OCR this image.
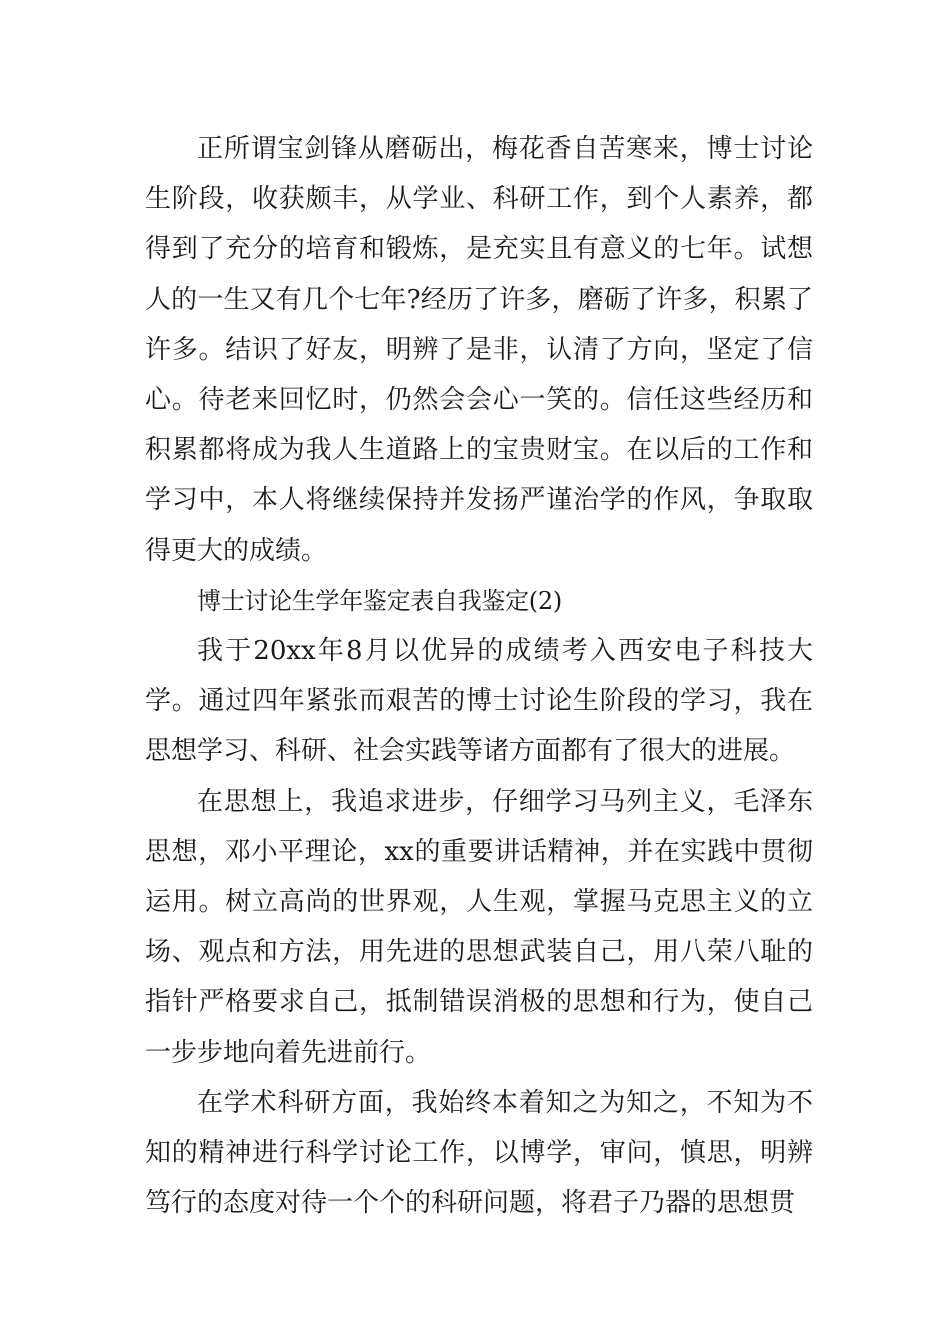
正所谓宝剑锋从磨砺出，梅花香自苦寒来，博士讨论生阶段，收获颇丰，从学业、科研工作，到个人素养，都得到了充分的培育和锻炼，是充实且有意义的七年。试想人的一生又有几个七年?经历了许多，磨砺了许多，积累了许多。结识了好友，明辨了是非，认清了方向，坚定了信心。待老来回忆时，仍然会会心一笑的。信任这些经历和积累都将成为我人生道路上的宝贵财宝。在以后的工作和学习中，本人将继续保持并发扬严谨治学的作风，争取取得更大的成绩。

博士讨论生学年鉴定表自我鉴定(2)

我于20xx年8月以优异的成绩考入西安电子科技大学。通过四年紧张而艰苦的博士讨论生阶段的学习，我在思想学习、科研、社会实践等诸方面都有了很大的进展。

在思想上，我追求进步，仔细学习马列主义，毛泽东思想，邓小平理论，xx的重要讲话精神，并在实践中贯彻运用。树立高尚的世界观，人生观，掌握马克思主义的立场、观点和方法，用先进的思想武装自己，用八荣八耻的指针严格要求自己，抵制错误消极的思想和行为，使自己一步步地向着先进前行。

在学术科研方面，我始终本着知之为知之，不知为不知的精神进行科学讨论工作，以博学，审问，慎思，明辨笃行的态度对待一个个的科研问题，将君子乃器的思想贯
